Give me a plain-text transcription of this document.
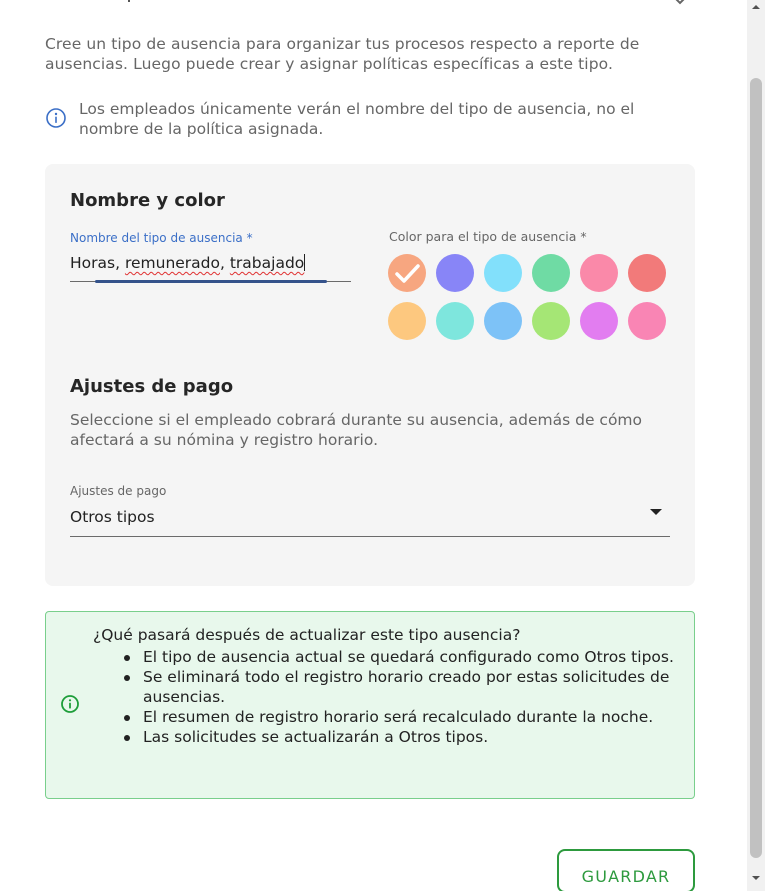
Cree un tipo de ausencia para organizar tus procesos respecto a reporte de ausencias. Luego puede crear y asignar políticas específicas a este tipo.

Los empleados únicamente verán el nombre del tipo de ausencia, no el nombre de la política asignada.
Nombre y color
Nombre del tipo de ausencia *
Horas, remunerado, trabajado
Color para el tipo de ausencia *
Ajustes de pago

Seleccione si el empleado cobrará durante su ausencia, además de cómo afectará a su nómina y registro horario.

Ajustes de pago
Otros tipos
¿Qué pasará después de actualizar este tipo ausencia?
El tipo de ausencia actual se quedará configurado como Otros tipos.
Se eliminará todo el registro horario creado por estas solicitudes de ausencias.
El resumen de registro horario será recalculado durante la noche.
Las solicitudes se actualizarán a Otros tipos.
GUARDAR
